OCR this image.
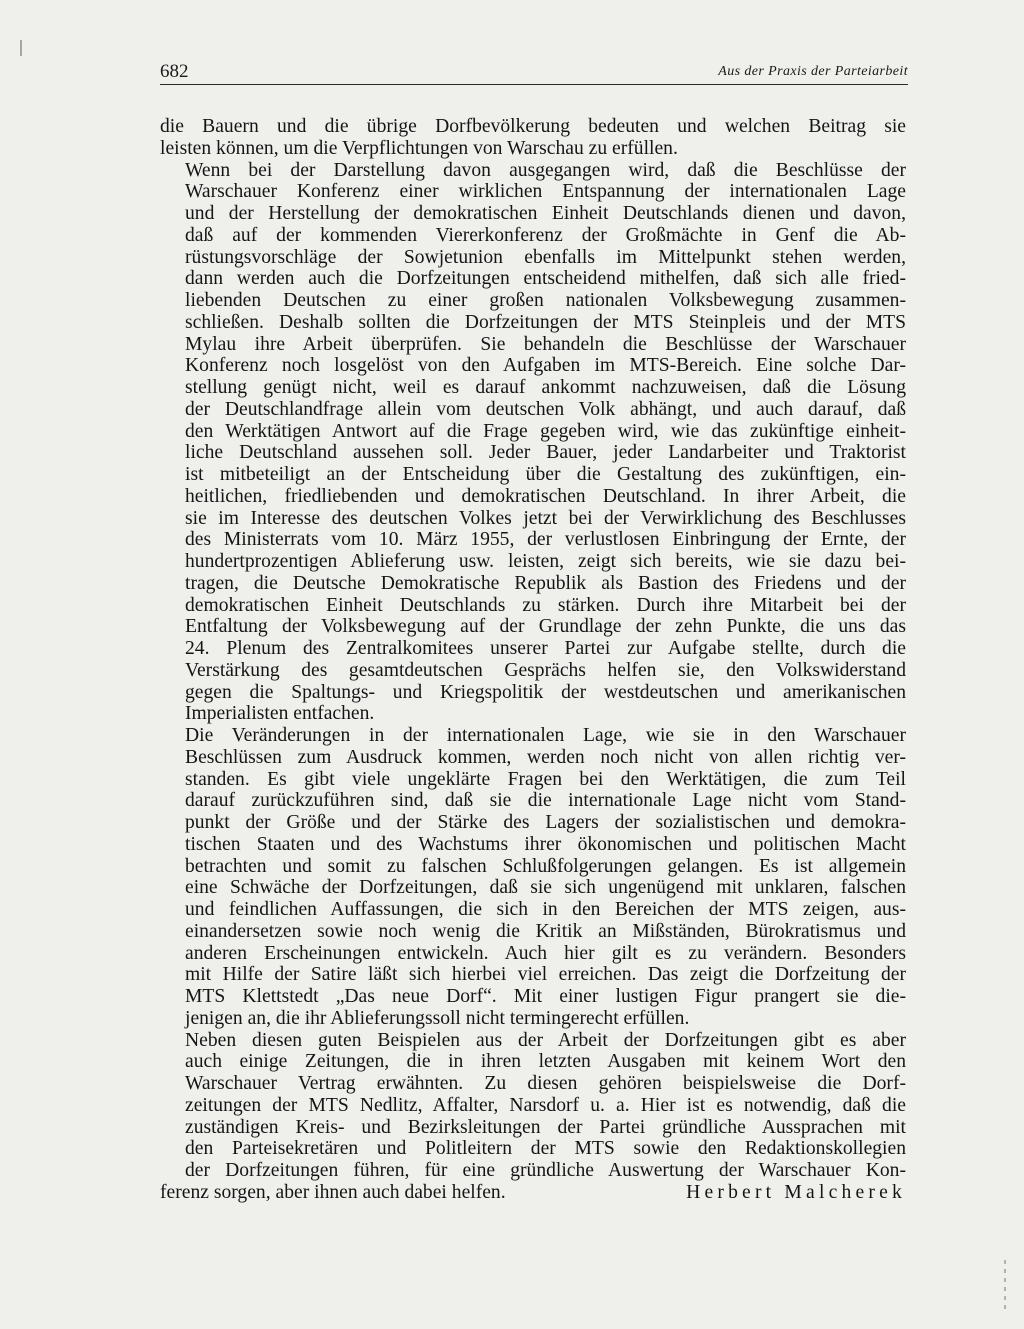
682	Aus der Praxis der Parteiarbeit
die Bauern und die übrige Dorfbevölkerung bedeuten und welchen Beitrag sie
leisten können, um die Verpflichtungen von Warschau zu erfüllen.
Wenn bei der Darstellung davon ausgegangen wird, daß die Beschlüsse der
Warschauer Konferenz einer wirklichen Entspannung der internationalen Lage
und der Herstellung der demokratischen Einheit Deutschlands dienen und davon,
daß auf der kommenden Viererkonferenz der Großmächte in Genf die Ab-
rüstungsvorschläge der Sowjetunion ebenfalls im Mittelpunkt stehen werden,
dann werden auch die Dorfzeitungen entscheidend mithelfen, daß sich alle fried-
liebenden Deutschen zu einer großen nationalen Volksbewegung zusammen-
schließen. Deshalb sollten die Dorfzeitungen der MTS Steinpleis und der MTS
Mylau ihre Arbeit überprüfen. Sie behandeln die Beschlüsse der Warschauer
Konferenz noch losgelöst von den Aufgaben im MTS-Bereich. Eine solche Dar-
stellung genügt nicht, weil es darauf ankommt nachzuweisen, daß die Lösung
der Deutschlandfrage allein vom deutschen Volk abhängt, und auch darauf, daß
den Werktätigen Antwort auf die Frage gegeben wird, wie das zukünftige einheit-
liche Deutschland aussehen soll. Jeder Bauer, jeder Landarbeiter und Traktorist
ist mitbeteiligt an der Entscheidung über die Gestaltung des zukünftigen, ein-
heitlichen, friedliebenden und demokratischen Deutschland. In ihrer Arbeit, die
sie im Interesse des deutschen Volkes jetzt bei der Verwirklichung des Beschlusses
des Ministerrats vom 10. März 1955, der verlustlosen Einbringung der Ernte, der
hundertprozentigen Ablieferung usw. leisten, zeigt sich bereits, wie sie dazu bei-
tragen, die Deutsche Demokratische Republik als Bastion des Friedens und der
demokratischen Einheit Deutschlands zu stärken. Durch ihre Mitarbeit bei der
Entfaltung der Volksbewegung auf der Grundlage der zehn Punkte, die uns das
24. Plenum des Zentralkomitees unserer Partei zur Aufgabe stellte, durch die
Verstärkung des gesamtdeutschen Gesprächs helfen sie, den Volkswiderstand
gegen die Spaltungs- und Kriegspolitik der westdeutschen und amerikanischen
Imperialisten entfachen.
Die Veränderungen in der internationalen Lage, wie sie in den Warschauer
Beschlüssen zum Ausdruck kommen, werden noch nicht von allen richtig ver-
standen. Es gibt viele ungeklärte Fragen bei den Werktätigen, die zum Teil
darauf zurückzuführen sind, daß sie die internationale Lage nicht vom Stand-
punkt der Größe und der Stärke des Lagers der sozialistischen und demokra-
tischen Staaten und des Wachstums ihrer ökonomischen und politischen Macht
betrachten und somit zu falschen Schlußfolgerungen gelangen. Es ist allgemein
eine Schwäche der Dorfzeitungen, daß sie sich ungenügend mit unklaren, falschen
und feindlichen Auffassungen, die sich in den Bereichen der MTS zeigen, aus-
einandersetzen sowie noch wenig die Kritik an Mißständen, Bürokratismus und
anderen Erscheinungen entwickeln. Auch hier gilt es zu verändern. Besonders
mit Hilfe der Satire läßt sich hierbei viel erreichen. Das zeigt die Dorfzeitung der
MTS Klettstedt „Das neue Dorf“. Mit einer lustigen Figur prangert sie die-
jenigen an, die ihr Ablieferungssoll nicht termingerecht erfüllen.
Neben diesen guten Beispielen aus der Arbeit der Dorfzeitungen gibt es aber
auch einige Zeitungen, die in ihren letzten Ausgaben mit keinem Wort den
Warschauer Vertrag erwähnten. Zu diesen gehören beispielsweise die Dorf-
zeitungen der MTS Nedlitz, Affalter, Narsdorf u. a. Hier ist es notwendig, daß die
zuständigen Kreis- und Bezirksleitungen der Partei gründliche Aussprachen mit
den Parteisekretären und Politleitern der MTS sowie den Redaktionskollegien
der Dorfzeitungen führen, für eine gründliche Auswertung der Warschauer Kon-
ferenz sorgen, aber ihnen auch dabei helfen.	Herbert Malcherek
